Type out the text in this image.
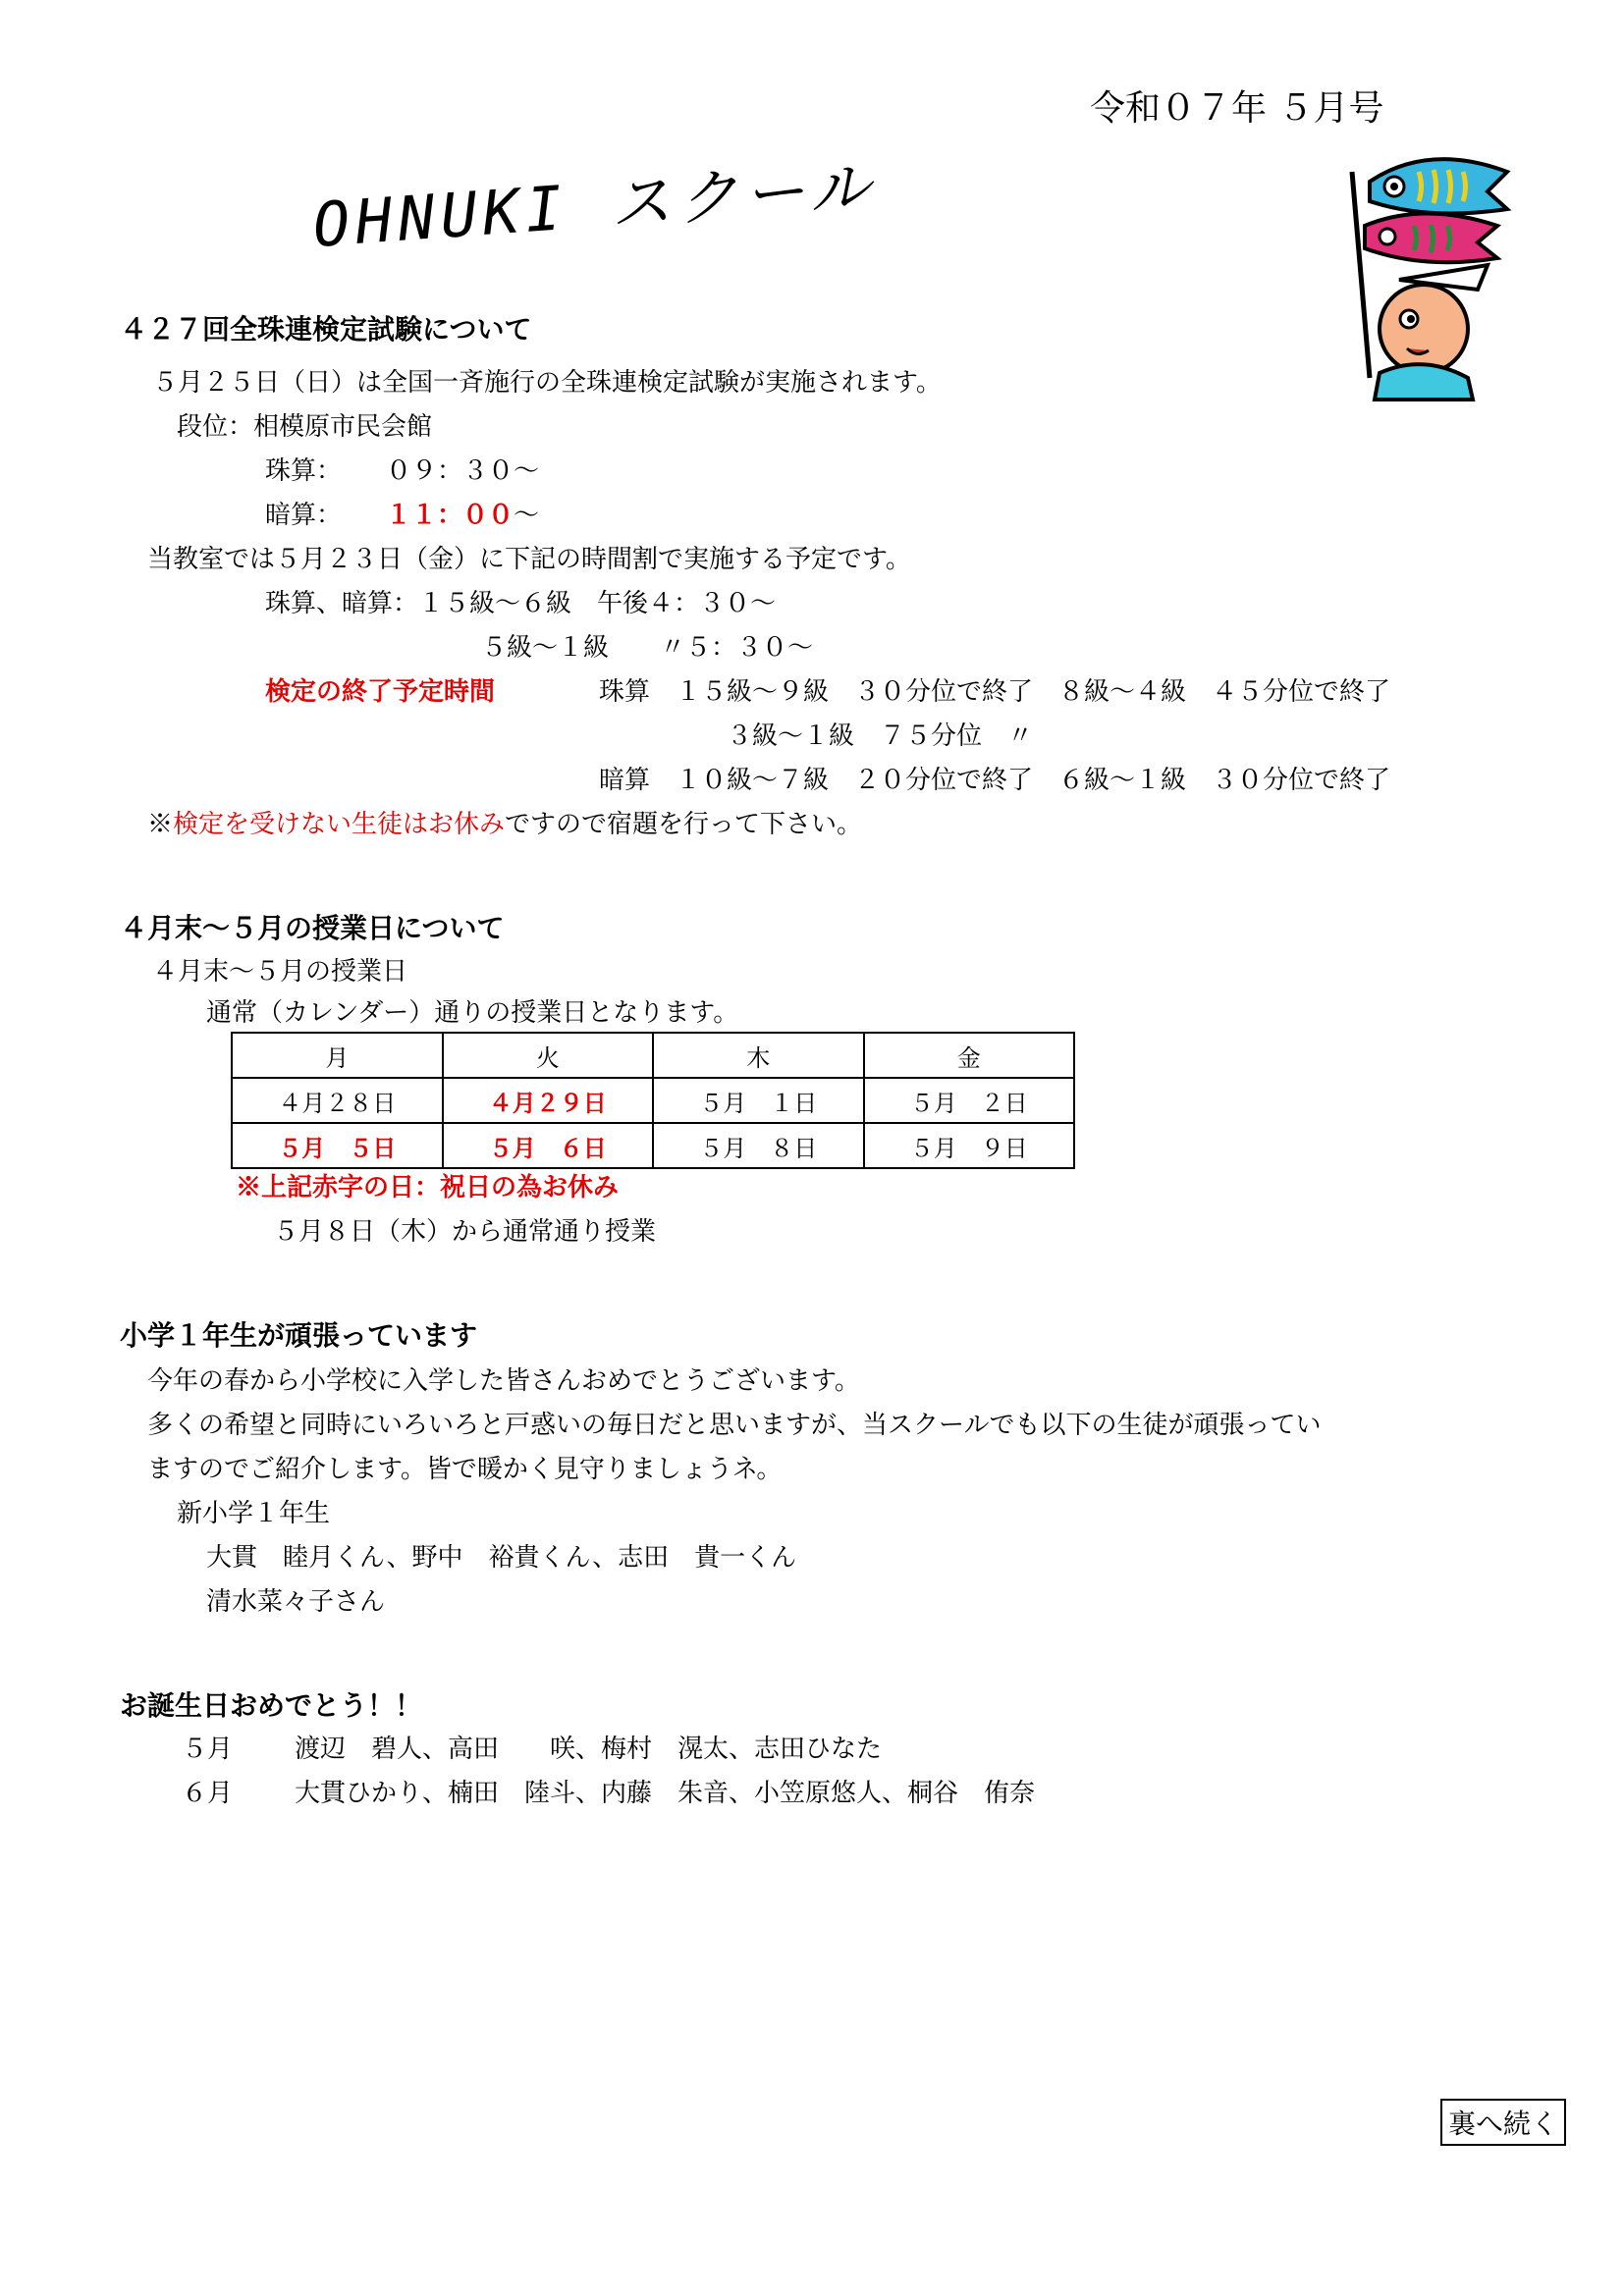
令和０７年 ５月号
OHNUKI スクール
４２７回全珠連検定試験について
５月２５日（日）は全国一斉施行の全珠連検定試験が実施されます。
段位：相模原市民会館
珠算： ０９：３０～
暗算： １１：００～
当教室では５月２３日（金）に下記の時間割で実施する予定です。
珠算、暗算：１５級～６級　午後４：３０～
５級～１級　　〃５：３０～
検定の終了予定時間	珠算　１５級～９級　３０分位で終了　８級～４級　４５分位で終了
３級～１級　７５分位　〃
暗算　１０級～７級　２０分位で終了　６級～１級　３０分位で終了
※検定を受けない生徒はお休みですので宿題を行って下さい。
４月末～５月の授業日について
４月末～５月の授業日
通常（カレンダー）通りの授業日となります。
月	火	木	金
４月２８日	４月２９日	５月　１日	５月　２日
５月　５日	５月　６日	５月　８日	５月　９日
※上記赤字の日：祝日の為お休み
５月８日（木）から通常通り授業
小学１年生が頑張っています
今年の春から小学校に入学した皆さんおめでとうございます。
多くの希望と同時にいろいろと戸惑いの毎日だと思いますが、当スクールでも以下の生徒が頑張ってい
ますのでご紹介します。皆で暖かく見守りましょうネ。
新小学１年生
大貫　睦月くん、野中　裕貴くん、志田　貴一くん
清水菜々子さん
お誕生日おめでとう！！
５月 渡辺　碧人、高田　　咲、梅村　滉太、志田ひなた
６月 大貫ひかり、楠田　陸斗、内藤　朱音、小笠原悠人、桐谷　侑奈
裏へ続く
